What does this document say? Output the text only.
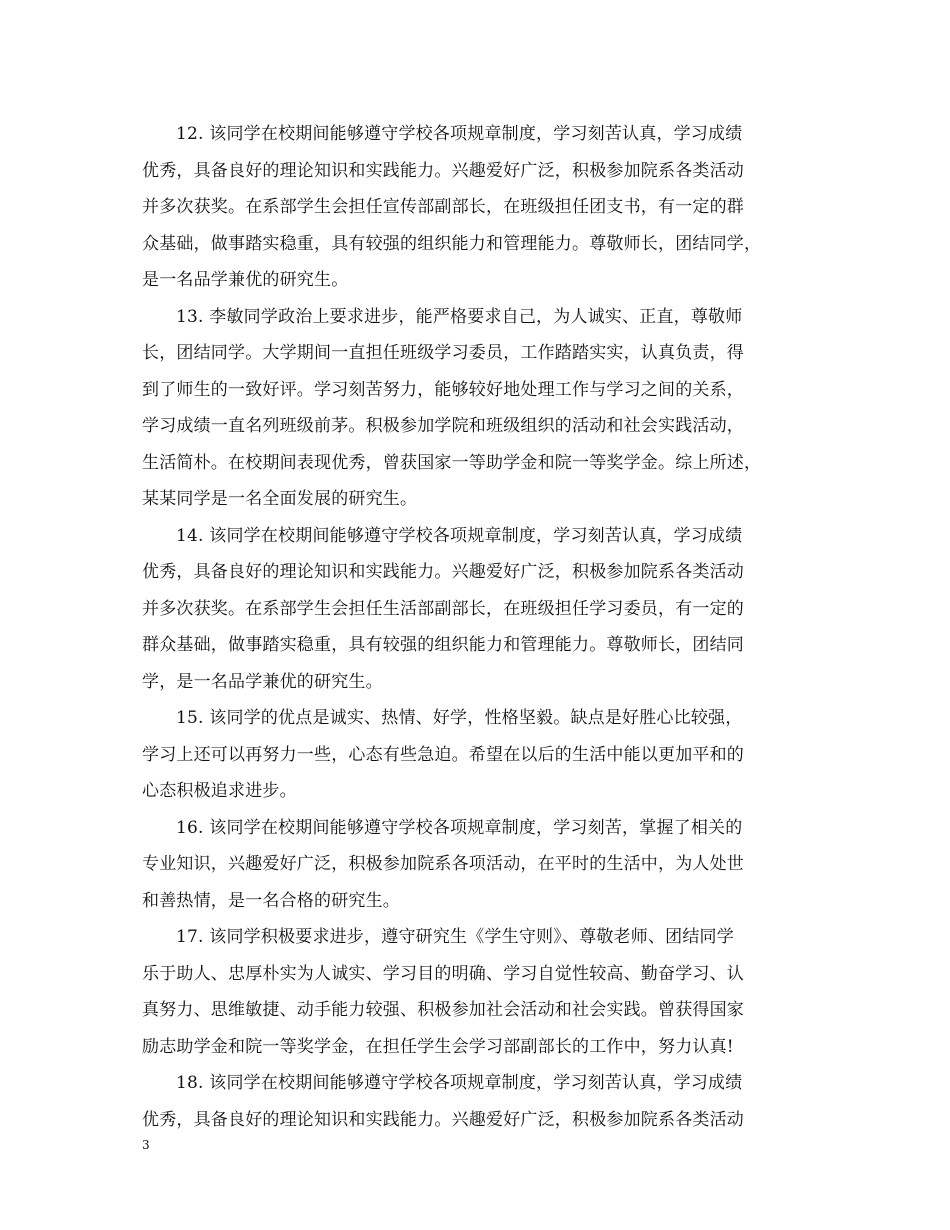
12. 该同学在校期间能够遵守学校各项规章制度，学习刻苦认真，学习成绩
优秀，具备良好的理论知识和实践能力。兴趣爱好广泛，积极参加院系各类活动
并多次获奖。在系部学生会担任宣传部副部长，在班级担任团支书，有一定的群
众基础，做事踏实稳重，具有较强的组织能力和管理能力。尊敬师长，团结同学，
是一名品学兼优的研究生。
13. 李敏同学政治上要求进步，能严格要求自己，为人诚实、正直，尊敬师
长，团结同学。大学期间一直担任班级学习委员，工作踏踏实实，认真负责，得
到了师生的一致好评。学习刻苦努力，能够较好地处理工作与学习之间的关系，
学习成绩一直名列班级前茅。积极参加学院和班级组织的活动和社会实践活动，
生活简朴。在校期间表现优秀，曾获国家一等助学金和院一等奖学金。综上所述，
某某同学是一名全面发展的研究生。
14. 该同学在校期间能够遵守学校各项规章制度，学习刻苦认真，学习成绩
优秀，具备良好的理论知识和实践能力。兴趣爱好广泛，积极参加院系各类活动
并多次获奖。在系部学生会担任生活部副部长，在班级担任学习委员，有一定的
群众基础，做事踏实稳重，具有较强的组织能力和管理能力。尊敬师长，团结同
学，是一名品学兼优的研究生。
15. 该同学的优点是诚实、热情、好学，性格坚毅。缺点是好胜心比较强，
学习上还可以再努力一些，心态有些急迫。希望在以后的生活中能以更加平和的
心态积极追求进步。
16. 该同学在校期间能够遵守学校各项规章制度，学习刻苦，掌握了相关的
专业知识，兴趣爱好广泛，积极参加院系各项活动，在平时的生活中，为人处世
和善热情，是一名合格的研究生。
17. 该同学积极要求进步，遵守研究生《学生守则》、尊敬老师、团结同学
乐于助人、忠厚朴实为人诚实、学习目的明确、学习自觉性较高、勤奋学习、认
真努力、思维敏捷、动手能力较强、积极参加社会活动和社会实践。曾获得国家
励志助学金和院一等奖学金，在担任学生会学习部副部长的工作中，努力认真!
18. 该同学在校期间能够遵守学校各项规章制度，学习刻苦认真，学习成绩
优秀，具备良好的理论知识和实践能力。兴趣爱好广泛，积极参加院系各类活动
3
